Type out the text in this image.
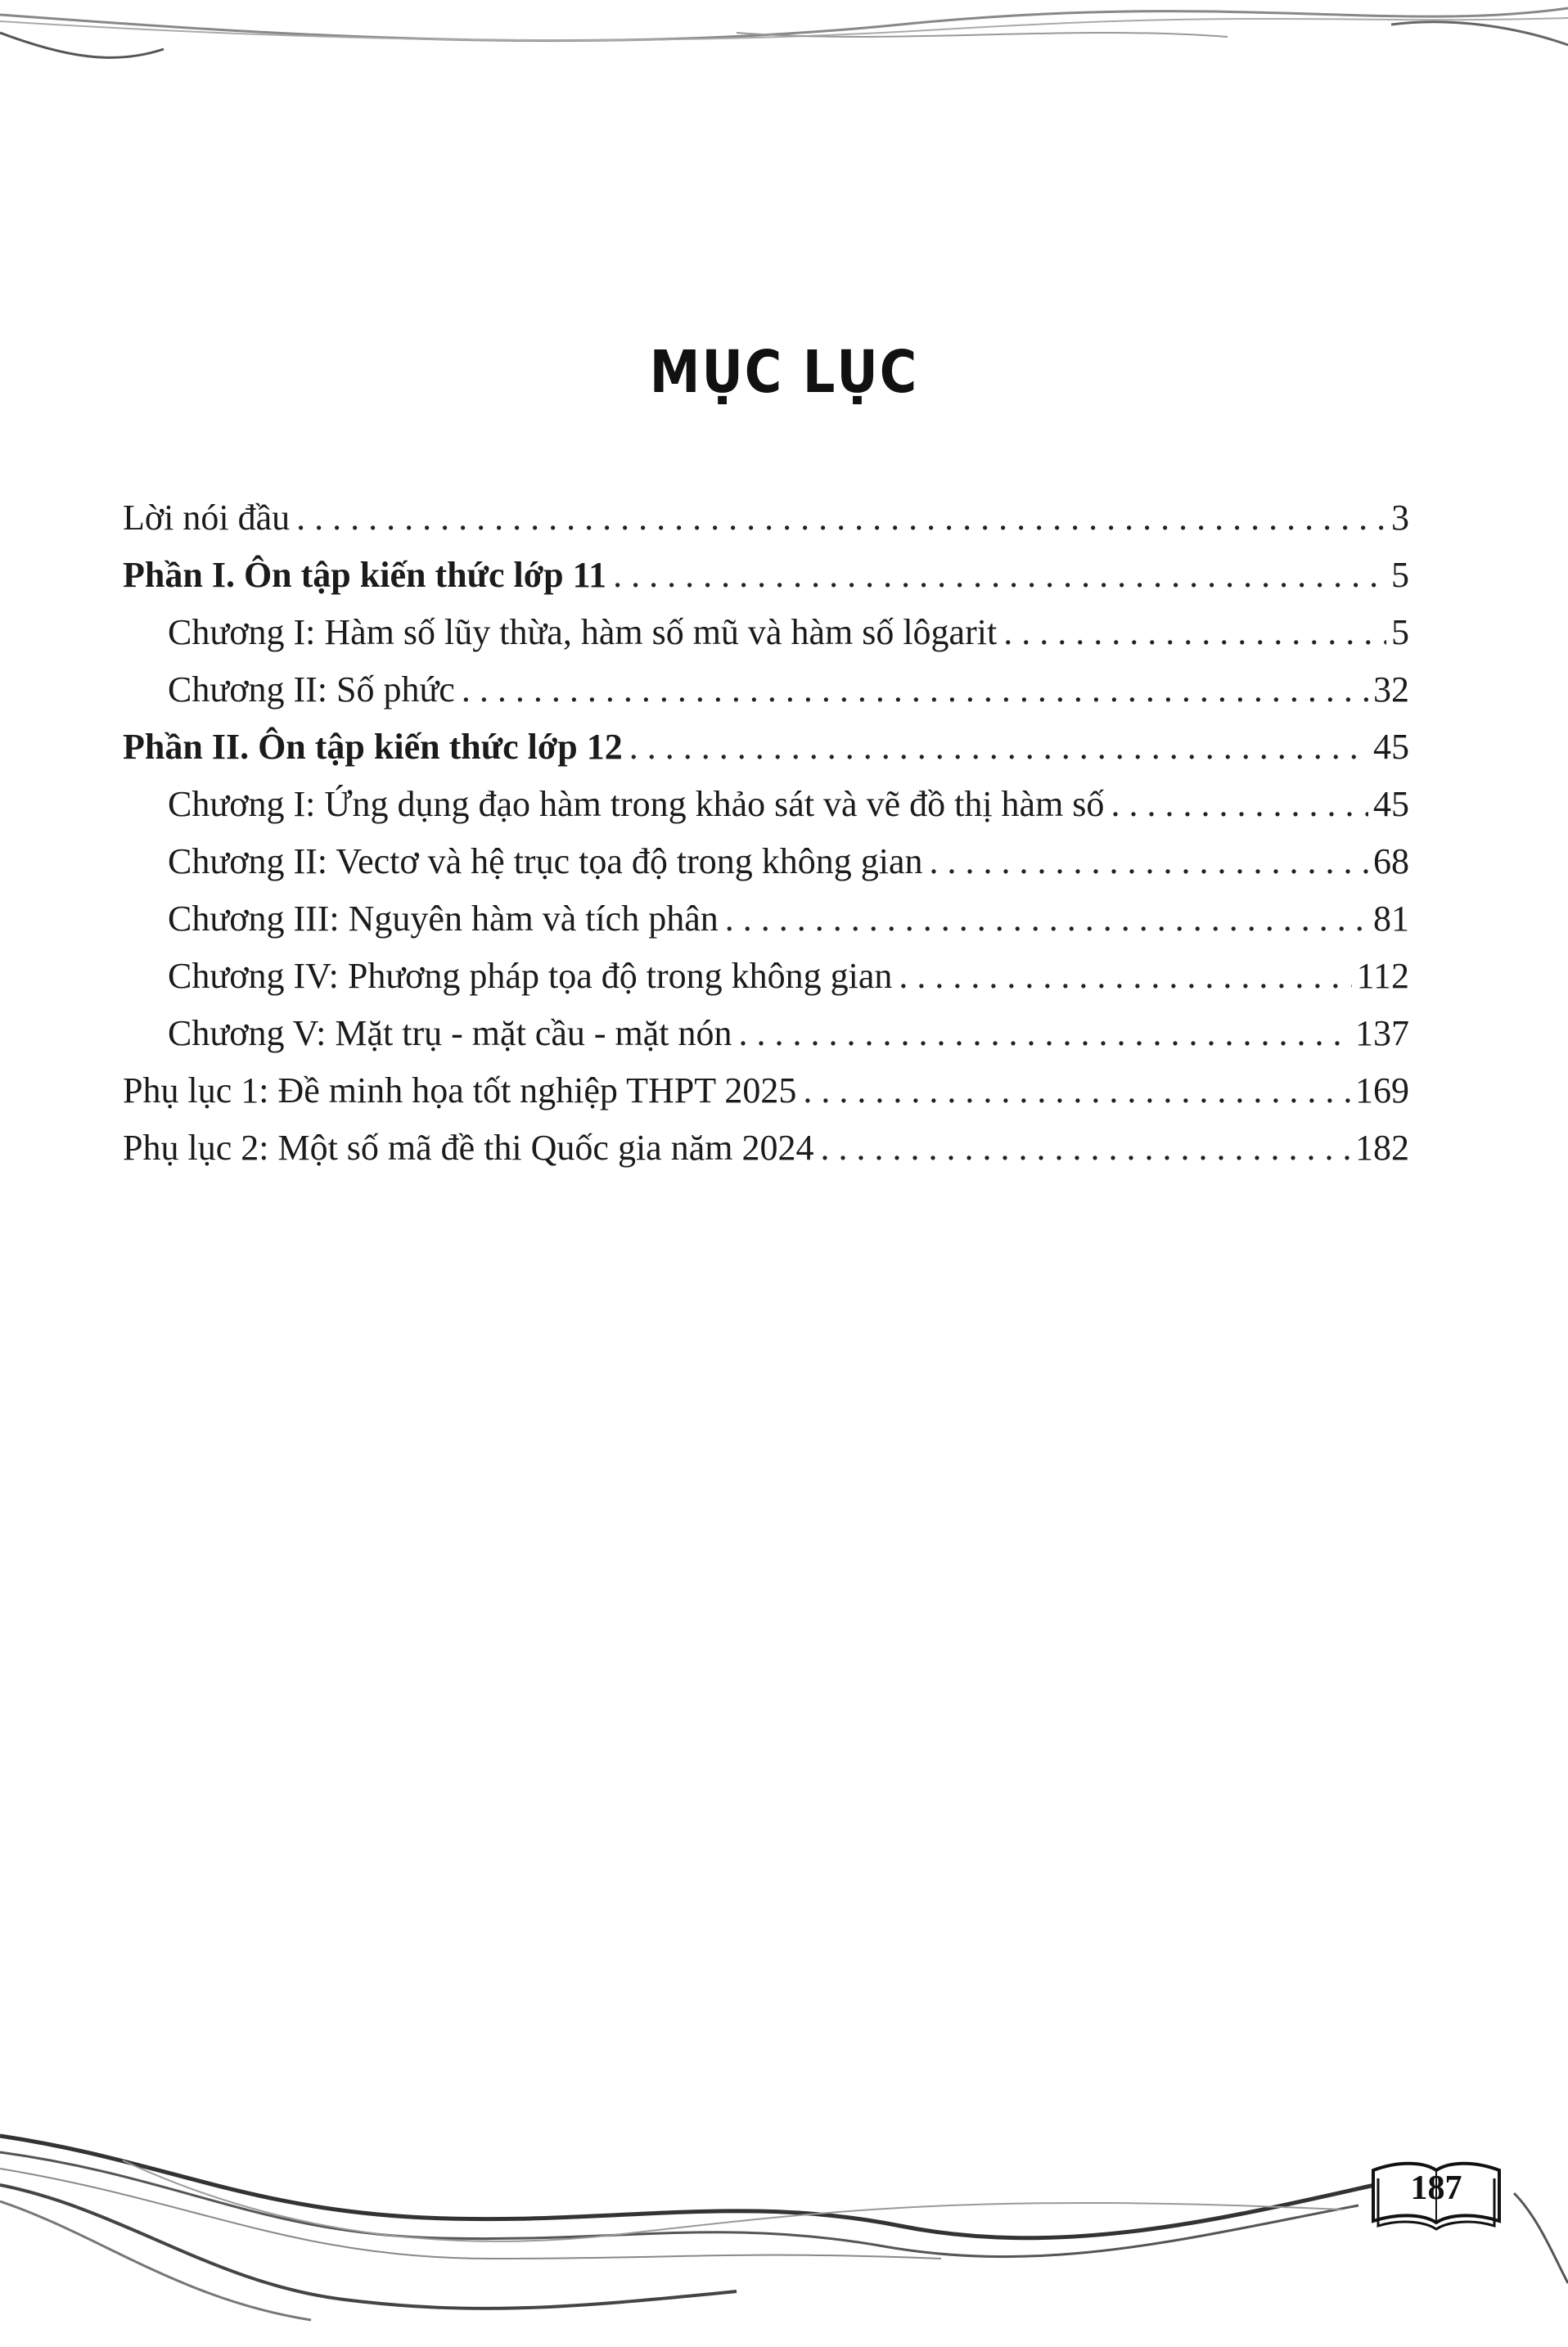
MỤC LỤC
Lời nói đầu . . .	3
Phần I. Ôn tập kiến thức lớp 11 . . .	5
Chương I: Hàm số lũy thừa, hàm số mũ và hàm số lôgarit . . .	5
Chương II: Số phức . . .	32
Phần II. Ôn tập kiến thức lớp 12 . . .	45
Chương I: Ứng dụng đạo hàm trong khảo sát và vẽ đồ thị hàm số . . .	45
Chương II: Vectơ và hệ trục tọa độ trong không gian . . .	68
Chương III: Nguyên hàm và tích phân . . .	81
Chương IV: Phương pháp tọa độ trong không gian . . .	112
Chương V: Mặt trụ - mặt cầu - mặt nón . . .	137
Phụ lục 1: Đề minh họa tốt nghiệp THPT 2025 . . .	169
Phụ lục 2: Một số mã đề thi Quốc gia năm 2024 . . .	182
187
